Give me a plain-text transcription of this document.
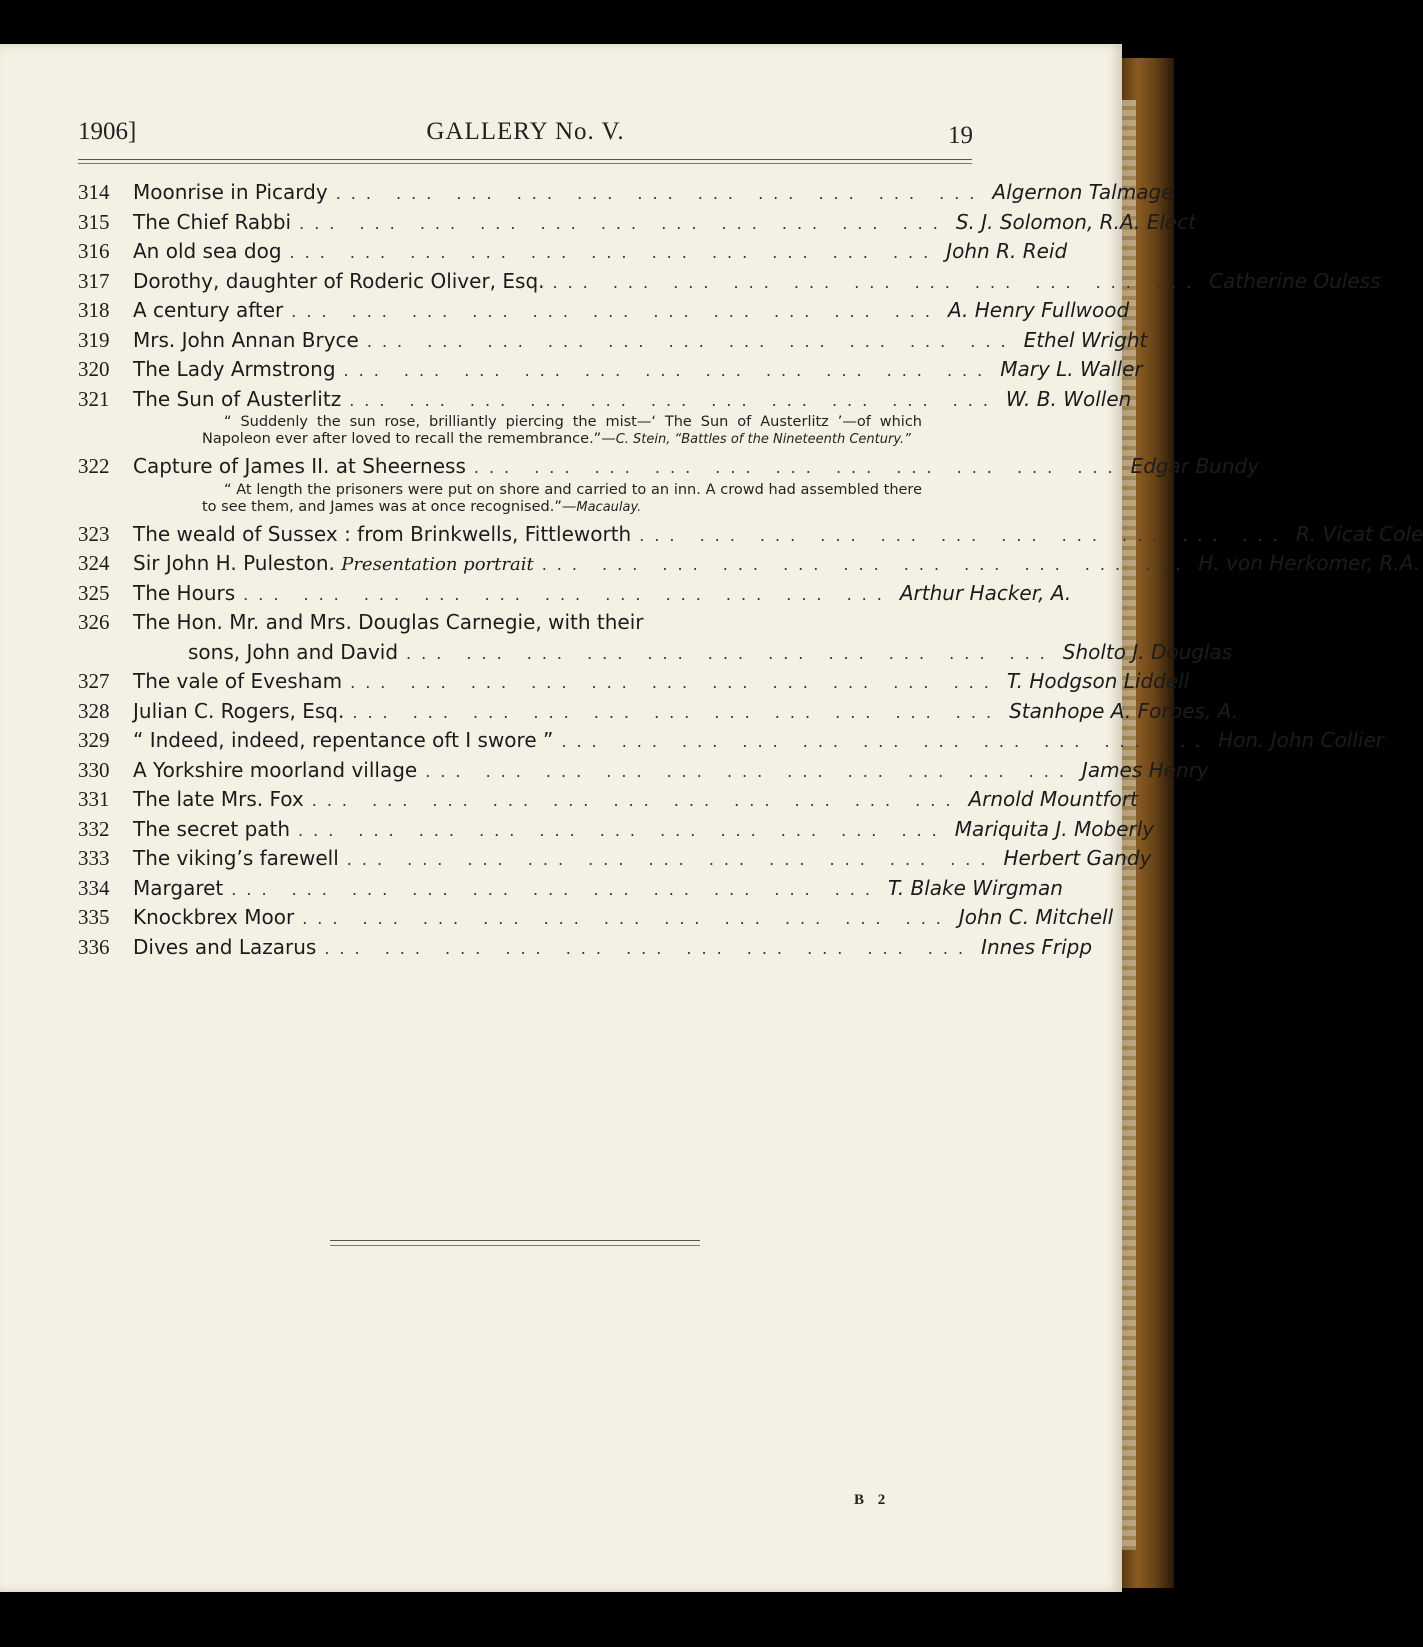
1906]	GALLERY No. V.	19
314	Moonrise in Picardy ... ... ... ... ... ... ... ... ... ... ... Algernon Talmage
315	The Chief Rabbi ... ... ... ... ... ... ... ... ... ... ... S. J. Solomon, R.A. Elect
316	An old sea dog ... ... ... ... ... ... ... ... ... ... ... John R. Reid
317	Dorothy, daughter of Roderic Oliver, Esq. ... ... ... ... ... ... ... ... ... ... ... Catherine Ouless
318	A century after ... ... ... ... ... ... ... ... ... ... ... A. Henry Fullwood
319	Mrs. John Annan Bryce ... ... ... ... ... ... ... ... ... ... ... Ethel Wright
320	The Lady Armstrong ... ... ... ... ... ... ... ... ... ... ... Mary L. Waller
321	The Sun of Austerlitz ... ... ... ... ... ... ... ... ... ... ... W. B. Wollen

“ Suddenly the sun rose, brilliantly piercing the mist—‘ The Sun of Austerlitz ’—of which Napoleon ever after loved to recall the remembrance.”—C. Stein, “Battles of the Nineteenth Century.”

322	Capture of James II. at Sheerness ... ... ... ... ... ... ... ... ... ... ... Edgar Bundy

“ At length the prisoners were put on shore and carried to an inn. A crowd had assembled there to see them, and James was at once recognised.”—Macaulay.

323	The weald of Sussex : from Brinkwells, Fittleworth ... ... ... ... ... ... ... ... ... ... ... R. Vicat Cole
324	Sir John H. Puleston. Presentation portrait ... ... ... ... ... ... ... ... ... ... ... H. von Herkomer, R.A.
325	The Hours ... ... ... ... ... ... ... ... ... ... ... Arthur Hacker, A.
326	The Hon. Mr. and Mrs. Douglas Carnegie, with their
sons, John and David ... ... ... ... ... ... ... ... ... ... ... Sholto J. Douglas
327	The vale of Evesham ... ... ... ... ... ... ... ... ... ... ... T. Hodgson Liddell
328	Julian C. Rogers, Esq. ... ... ... ... ... ... ... ... ... ... ... Stanhope A. Forbes, A.
329	“ Indeed, indeed, repentance oft I swore ” ... ... ... ... ... ... ... ... ... ... ... Hon. John Collier
330	A Yorkshire moorland village ... ... ... ... ... ... ... ... ... ... ... James Henry
331	The late Mrs. Fox ... ... ... ... ... ... ... ... ... ... ... Arnold Mountfort
332	The secret path ... ... ... ... ... ... ... ... ... ... ... Mariquita J. Moberly
333	The viking’s farewell ... ... ... ... ... ... ... ... ... ... ... Herbert Gandy
334	Margaret ... ... ... ... ... ... ... ... ... ... ... T. Blake Wirgman
335	Knockbrex Moor ... ... ... ... ... ... ... ... ... ... ... John C. Mitchell
336	Dives and Lazarus ... ... ... ... ... ... ... ... ... ... ... Innes Fripp
B 2
